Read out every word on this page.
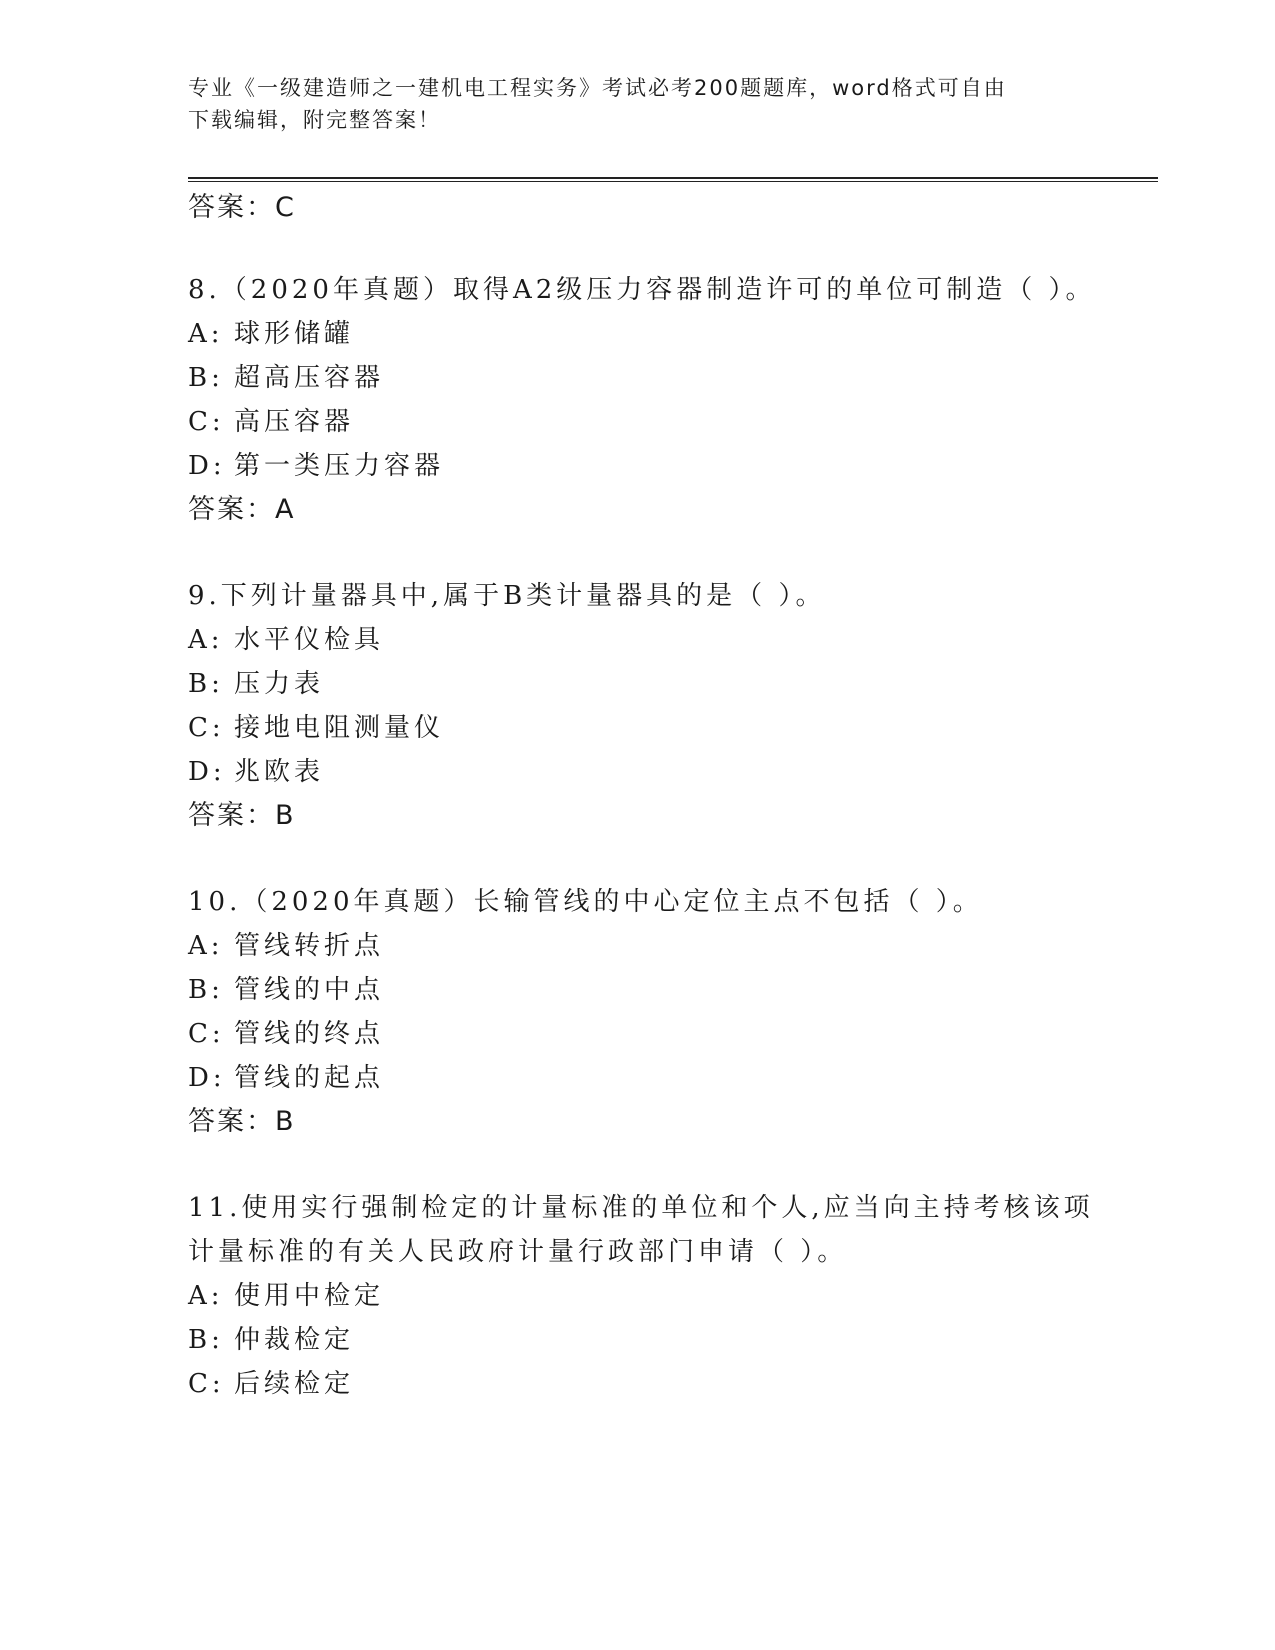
专业《一级建造师之一建机电工程实务》考试必考200题题库，word格式可自由
下载编辑，附完整答案！
答案：C
8.（2020年真题）取得A2级压力容器制造许可的单位可制造（ ）。
A: 球形储罐
B: 超高压容器
C: 高压容器
D: 第一类压力容器
答案：A
9.下列计量器具中,属于B类计量器具的是（ ）。
A: 水平仪检具
B: 压力表
C: 接地电阻测量仪
D: 兆欧表
答案：B
10.（2020年真题）长输管线的中心定位主点不包括（ ）。
A: 管线转折点
B: 管线的中点
C: 管线的终点
D: 管线的起点
答案：B
11.使用实行强制检定的计量标准的单位和个人,应当向主持考核该项
计量标准的有关人民政府计量行政部门申请（ ）。
A: 使用中检定
B: 仲裁检定
C: 后续检定
